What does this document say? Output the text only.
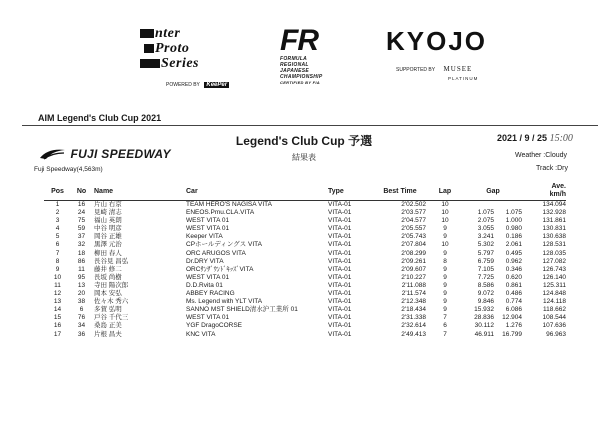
nter
Proto
Series
POWERED BY KeePer
FR
FORMULA
REGIONAL
JAPANESE
CHAMPIONSHIP
CERTIFIED BY FIA
KYOJO
SUPPORTED BY MUSEE
PLATINUM
AIM Legend's Club Cup 2021
Legend's Club Cup 予選	2021 / 9 / 25 15:00
FUJI SPEEDWAY	結果表	Weather :Cloudy
Track :Dry
Fuji Speedway(4,563m)
Pos	No	Name	Car	Type	Best Time	Lap	Gap		Ave.
km/h

1	16	片山 右京	TEAM HERO'S NAGISA VITA	VITA-01	2'02.502	10			134.094
2	24	見崎 清志	ENEOS.Pmu.CLA.VITA	VITA-01	2'03.577	10	1.075	1.075	132.928
3	75	福山 英朗	WEST VITA 01	VITA-01	2'04.577	10	2.075	1.000	131.861
4	59	中谷 明彦	WEST VITA 01	VITA-01	2'05.557	9	3.055	0.980	130.831
5	37	岡谷 正雄	Keeper VITA	VITA-01	2'05.743	9	3.241	0.186	130.638
6	32	黒澤 元治	CPホールディングス VITA	VITA-01	2'07.804	10	5.302	2.061	128.531
7	18	柳田 春人	ORC ARUGOS VITA	VITA-01	2'08.299	9	5.797	0.495	128.035
8	86	長谷見 昌弘	Dr.DRY VITA	VITA-01	2'09.261	8	6.759	0.962	127.082
9	11	藤井 修二	ORCｻﾝｻﾞｳﾝﾄﾞｷｯｽﾞVITA	VITA-01	2'09.607	9	7.105	0.346	126.743
10	95	長坂 尚樹	WEST VITA 01	VITA-01	2'10.227	9	7.725	0.620	126.140
11	13	寺田 陽次郎	D.D.Rvita 01	VITA-01	2'11.088	9	8.586	0.861	125.311
12	20	岡本 安弘	ABBEY RACING	VITA-01	2'11.574	9	9.072	0.486	124.848
13	38	佐々木 秀六	Ms. Legend with YLT VITA	VITA-01	2'12.348	9	9.846	0.774	124.118
14	6	多賀 弘明	SANNO MST SHIELD清水沪工業所 01	VITA-01	2'18.434	9	15.932	6.086	118.662
15	76	戸谷 千代三	WEST VITA 01	VITA-01	2'31.338	7	28.836	12.904	108.544
16	34	桑島 正美	YGF DragoCORSE	VITA-01	2'32.614	6	30.112	1.276	107.636
17	36	片根 昌夫	KNC VITA	VITA-01	2'49.413	7	46.911	16.799	96.963
